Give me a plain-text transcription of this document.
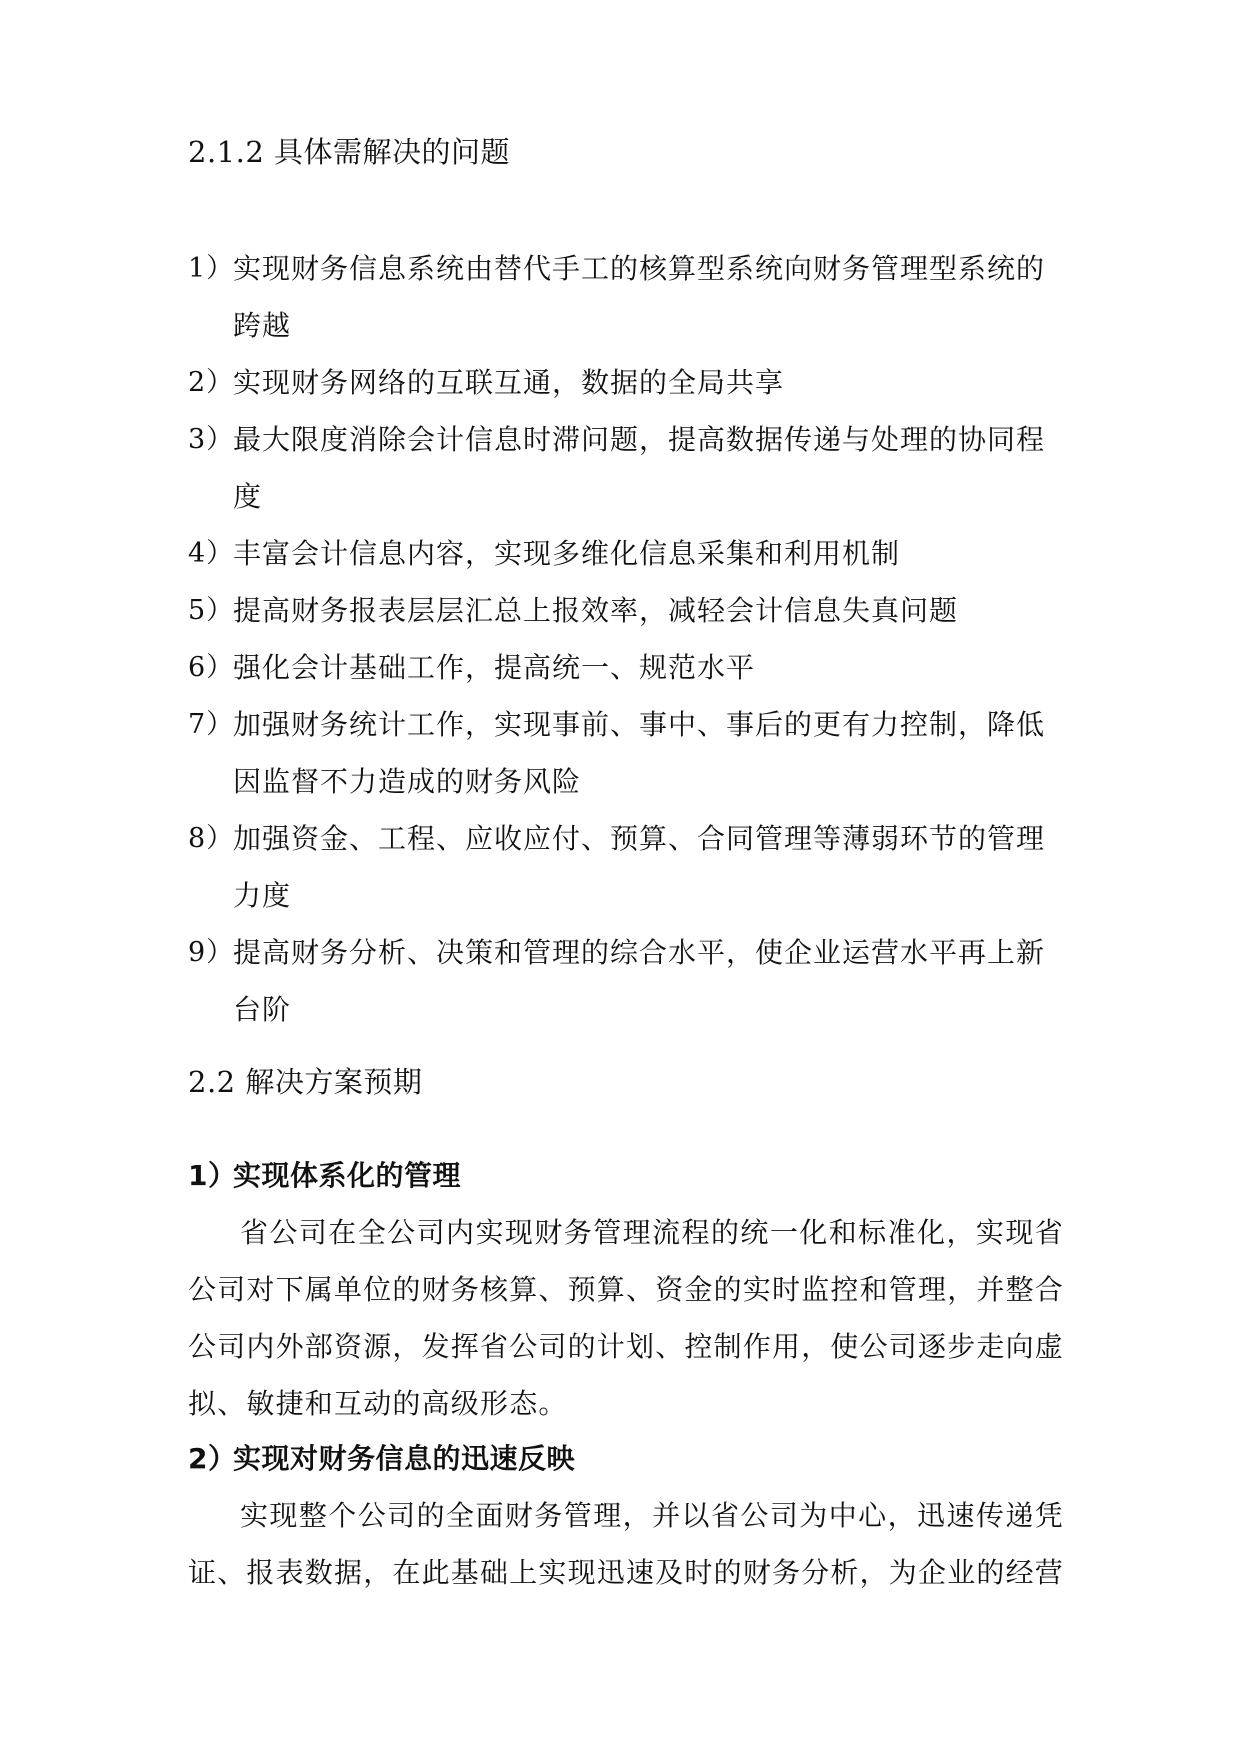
2.1.2 具体需解决的问题
1）
实现财务信息系统由替代手工的核算型系统向财务管理型系统的跨越
2）
实现财务网络的互联互通，数据的全局共享
3）
最大限度消除会计信息时滞问题，提高数据传递与处理的协同程度
4）
丰富会计信息内容，实现多维化信息采集和利用机制
5）
提高财务报表层层汇总上报效率，减轻会计信息失真问题
6）
强化会计基础工作，提高统一、规范水平
7）
加强财务统计工作，实现事前、事中、事后的更有力控制，降低因监督不力造成的财务风险
8）
加强资金、工程、应收应付、预算、合同管理等薄弱环节的管理力度
9）
提高财务分析、决策和管理的综合水平，使企业运营水平再上新台阶
2.2 解决方案预期
1）实现体系化的管理

省公司在全公司内实现财务管理流程的统一化和标准化，实现省公司对下属单位的财务核算、预算、资金的实时监控和管理，并整合公司内外部资源，发挥省公司的计划、控制作用，使公司逐步走向虚拟、敏捷和互动的高级形态。

2）实现对财务信息的迅速反映

实现整个公司的全面财务管理，并以省公司为中心，迅速传递凭证、报表数据，在此基础上实现迅速及时的财务分析，为企业的经营
